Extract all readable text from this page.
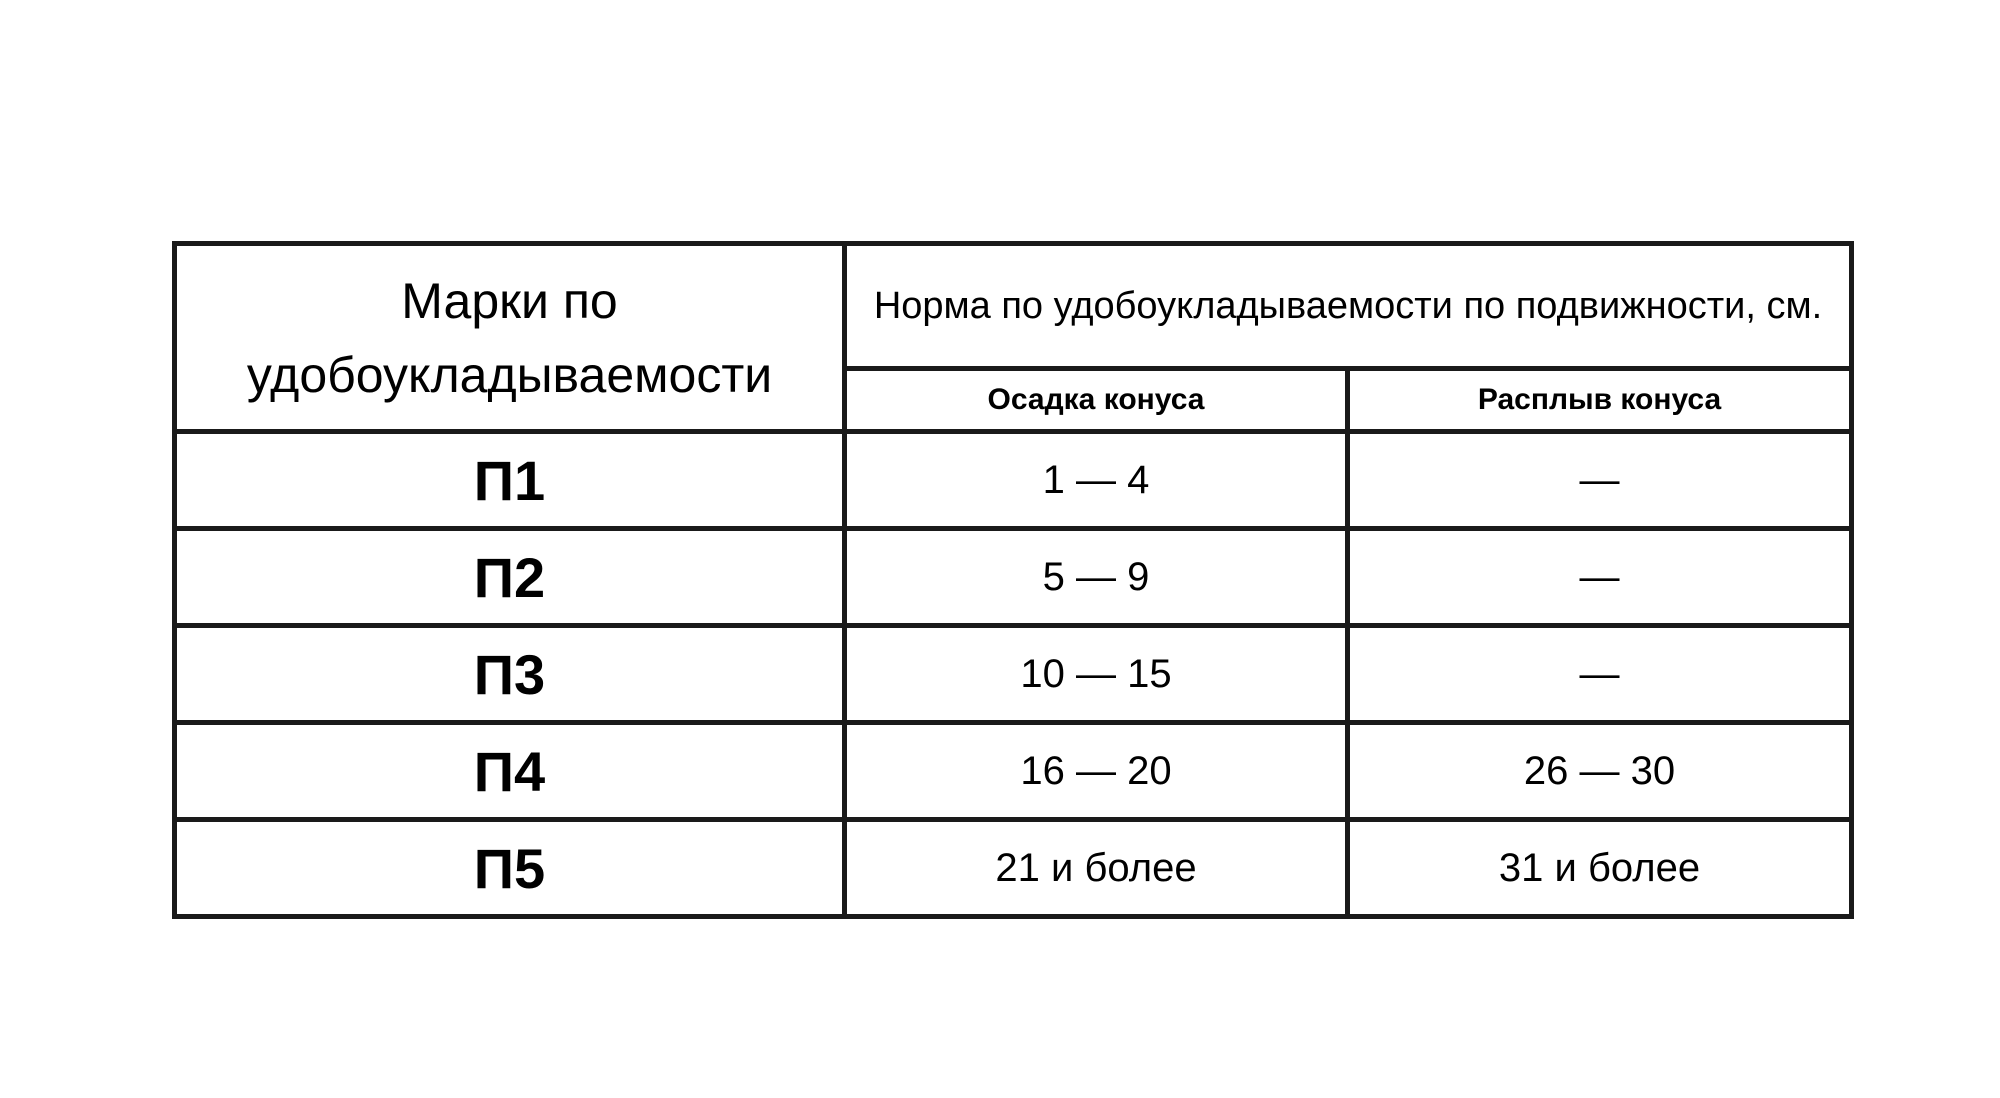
Марки по удобоукладываемости	Норма по удобоукладываемости по подвижности, см.	
	Осадка конуса	Расплыв конуса
П1	1 — 4	—
П2	5 — 9	—
П3	10 — 15	—
П4	16 — 20	26 — 30
П5	21 и более	31 и более
